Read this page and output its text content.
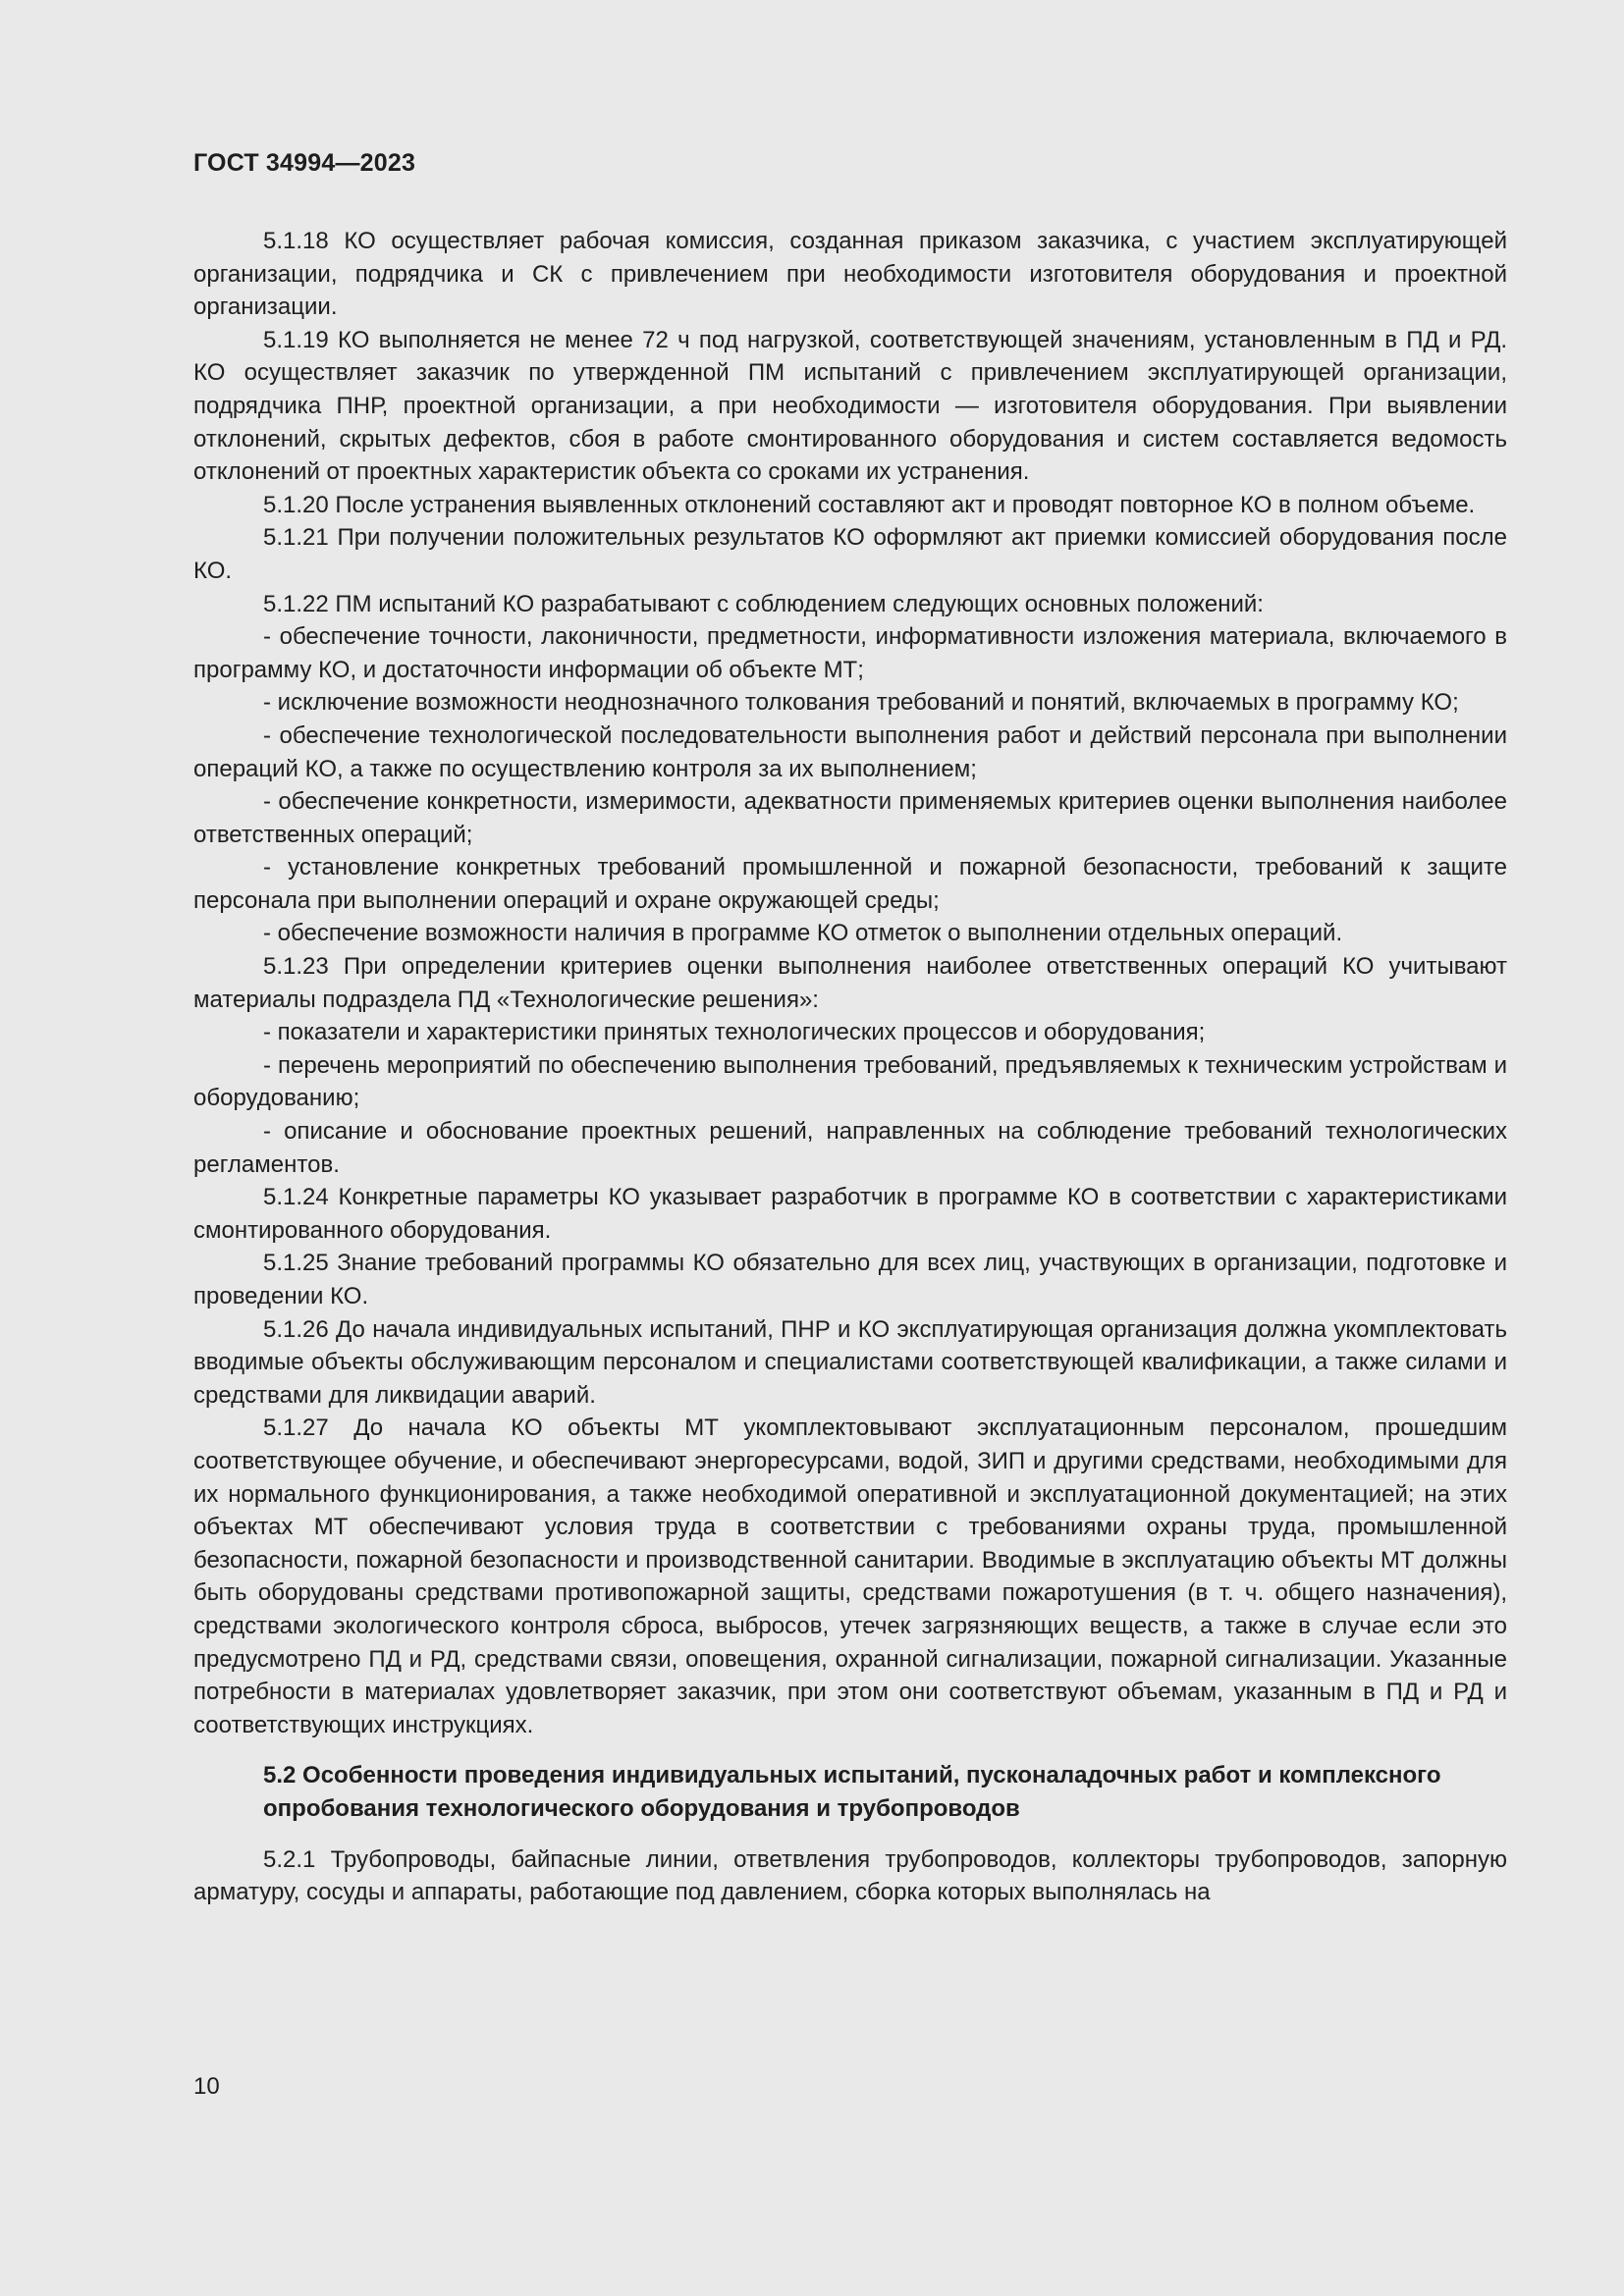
ГОСТ 34994—2023

5.1.18 КО осуществляет рабочая комиссия, созданная приказом заказчика, с участием эксплуатирующей организации, подрядчика и СК с привлечением при необходимости изготовителя оборудования и проектной организации.

5.1.19 КО выполняется не менее 72 ч под нагрузкой, соответствующей значениям, установленным в ПД и РД. КО осуществляет заказчик по утвержденной ПМ испытаний с привлечением эксплуатирующей организации, подрядчика ПНР, проектной организации, а при необходимости — изготовителя оборудования. При выявлении отклонений, скрытых дефектов, сбоя в работе смонтированного оборудования и систем составляется ведомость отклонений от проектных характеристик объекта со сроками их устранения.

5.1.20 После устранения выявленных отклонений составляют акт и проводят повторное КО в полном объеме.

5.1.21 При получении положительных результатов КО оформляют акт приемки комиссией оборудования после КО.

5.1.22 ПМ испытаний КО разрабатывают с соблюдением следующих основных положений:

- обеспечение точности, лаконичности, предметности, информативности изложения материала, включаемого в программу КО, и достаточности информации об объекте МТ;

- исключение возможности неоднозначного толкования требований и понятий, включаемых в программу КО;

- обеспечение технологической последовательности выполнения работ и действий персонала при выполнении операций КО, а также по осуществлению контроля за их выполнением;

- обеспечение конкретности, измеримости, адекватности применяемых критериев оценки выполнения наиболее ответственных операций;

- установление конкретных требований промышленной и пожарной безопасности, требований к защите персонала при выполнении операций и охране окружающей среды;

- обеспечение возможности наличия в программе КО отметок о выполнении отдельных операций.

5.1.23 При определении критериев оценки выполнения наиболее ответственных операций КО учитывают материалы подраздела ПД «Технологические решения»:

- показатели и характеристики принятых технологических процессов и оборудования;

- перечень мероприятий по обеспечению выполнения требований, предъявляемых к техническим устройствам и оборудованию;

- описание и обоснование проектных решений, направленных на соблюдение требований технологических регламентов.

5.1.24 Конкретные параметры КО указывает разработчик в программе КО в соответствии с характеристиками смонтированного оборудования.

5.1.25 Знание требований программы КО обязательно для всех лиц, участвующих в организации, подготовке и проведении КО.

5.1.26 До начала индивидуальных испытаний, ПНР и КО эксплуатирующая организация должна укомплектовать вводимые объекты обслуживающим персоналом и специалистами соответствующей квалификации, а также силами и средствами для ликвидации аварий.

5.1.27 До начала КО объекты МТ укомплектовывают эксплуатационным персоналом, прошедшим соответствующее обучение, и обеспечивают энергоресурсами, водой, ЗИП и другими средствами, необходимыми для их нормального функционирования, а также необходимой оперативной и эксплуатационной документацией; на этих объектах МТ обеспечивают условия труда в соответствии с требованиями охраны труда, промышленной безопасности, пожарной безопасности и производственной санитарии. Вводимые в эксплуатацию объекты МТ должны быть оборудованы средствами противопожарной защиты, средствами пожаротушения (в т. ч. общего назначения), средствами экологического контроля сброса, выбросов, утечек загрязняющих веществ, а также в случае если это предусмотрено ПД и РД, средствами связи, оповещения, охранной сигнализации, пожарной сигнализации. Указанные потребности в материалах удовлетворяет заказчик, при этом они соответствуют объемам, указанным в ПД и РД и соответствующих инструкциях.

5.2 Особенности проведения индивидуальных испытаний, пусконаладочных работ и комплексного опробования технологического оборудования и трубопроводов

5.2.1 Трубопроводы, байпасные линии, ответвления трубопроводов, коллекторы трубопроводов, запорную арматуру, сосуды и аппараты, работающие под давлением, сборка которых выполнялась на

10
